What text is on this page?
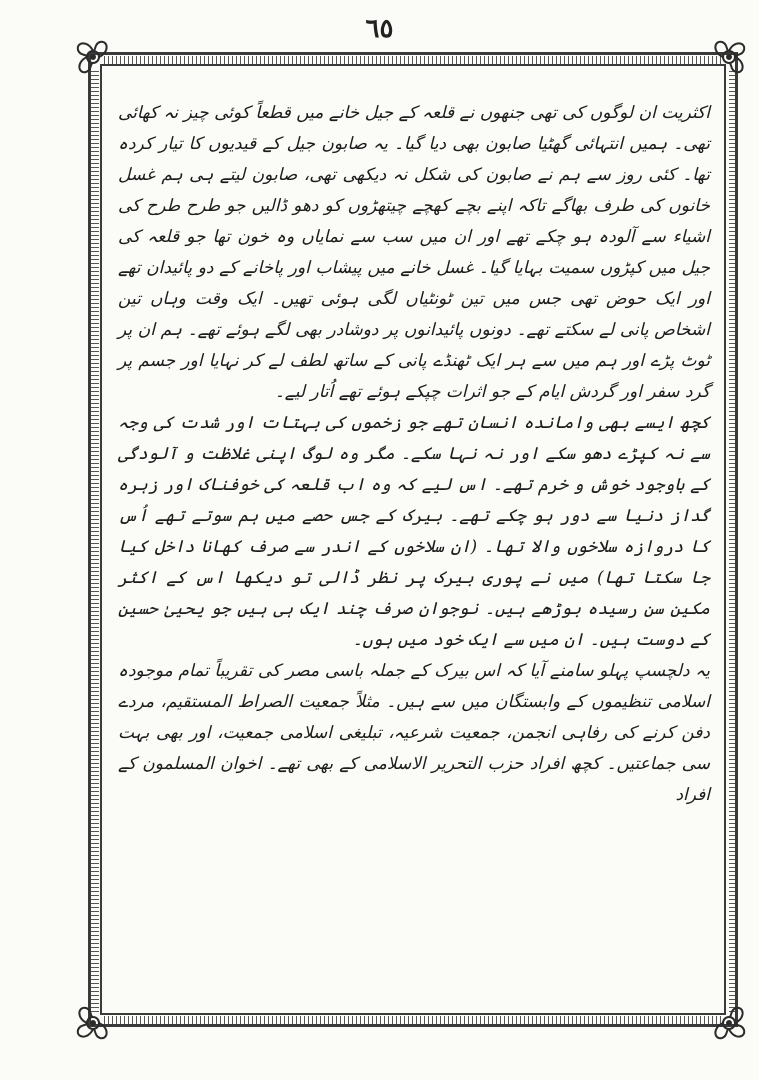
٦٥

اکثریت ان لوگوں کی تھی جنھوں نے قلعہ کے جیل خانے میں قطعاً کوئی چیز نہ کھائی تھی۔ ہمیں انتہائی گھٹیا صابون بھی دیا گیا۔ یہ صابون جیل کے قیدیوں کا تیار کردہ تھا۔ کئی روز سے ہم نے صابون کی شکل نہ دیکھی تھی، صابون لیتے ہی ہم غسل خانوں کی طرف بھاگے تاکہ اپنے بچے کھچے چیتھڑوں کو دھو ڈالیں جو طرح طرح کی اشیاء سے آلودہ ہو چکے تھے اور ان میں سب سے نمایاں وہ خون تھا جو قلعہ کی جیل میں کپڑوں سمیت بہایا گیا۔ غسل خانے میں پیشاب اور پاخانے کے دو پائیدان تھے اور ایک حوض تھی جس میں تین ٹونٹیاں لگی ہوئی تھیں۔ ایک وقت وہاں تین اشخاص پانی لے سکتے تھے۔ دونوں پائیدانوں پر دوشادر بھی لگے ہوئے تھے۔ ہم ان پر ٹوٹ پڑے اور ہم میں سے ہر ایک ٹھنڈے پانی کے ساتھ لطف لے کر نہایا اور جسم پر گرد سفر اور گردش ایام کے جو اثرات چپکے ہوئے تھے اُتار لیے۔

کچھ ایسے بھی واماندہ انسان تھے جو زخموں کی بہتات اور شدت کی وجہ سے نہ کپڑے دھو سکے اور نہ نہا سکے۔ مگر وہ لوگ اپنی غلاظت و آلودگی کے باوجود خوش و خرم تھے۔ اس لیے کہ وہ اب قلعہ کی خوفناک اور زہرہ گداز دنیا سے دور ہو چکے تھے۔ بیرک کے جس حصے میں ہم سوتے تھے اُس کا دروازہ سلاخوں والا تھا۔ (ان سلاخوں کے اندر سے صرف کھانا داخل کیا جا سکتا تھا) میں نے پوری بیرک پر نظر ڈالی تو دیکھا اس کے اکثر مکین سن رسیدہ بوڑھے ہیں۔ نوجوان صرف چند ایک ہی ہیں جو یحییٰ حسین کے دوست ہیں۔ ان میں سے ایک خود میں ہوں۔

یہ دلچسپ پہلو سامنے آیا کہ اس بیرک کے جملہ باسی مصر کی تقریباً تمام موجودہ اسلامی تنظیموں کے وابستگان میں سے ہیں۔ مثلاً جمعیت الصراط المستقیم، مردے دفن کرنے کی رفاہی انجمن، جمعیت شرعیہ، تبلیغی اسلامی جمعیت، اور بھی بہت سی جماعتیں۔ کچھ افراد حزب التحریر الاسلامی کے بھی تھے۔ اخوان المسلمون کے افراد
